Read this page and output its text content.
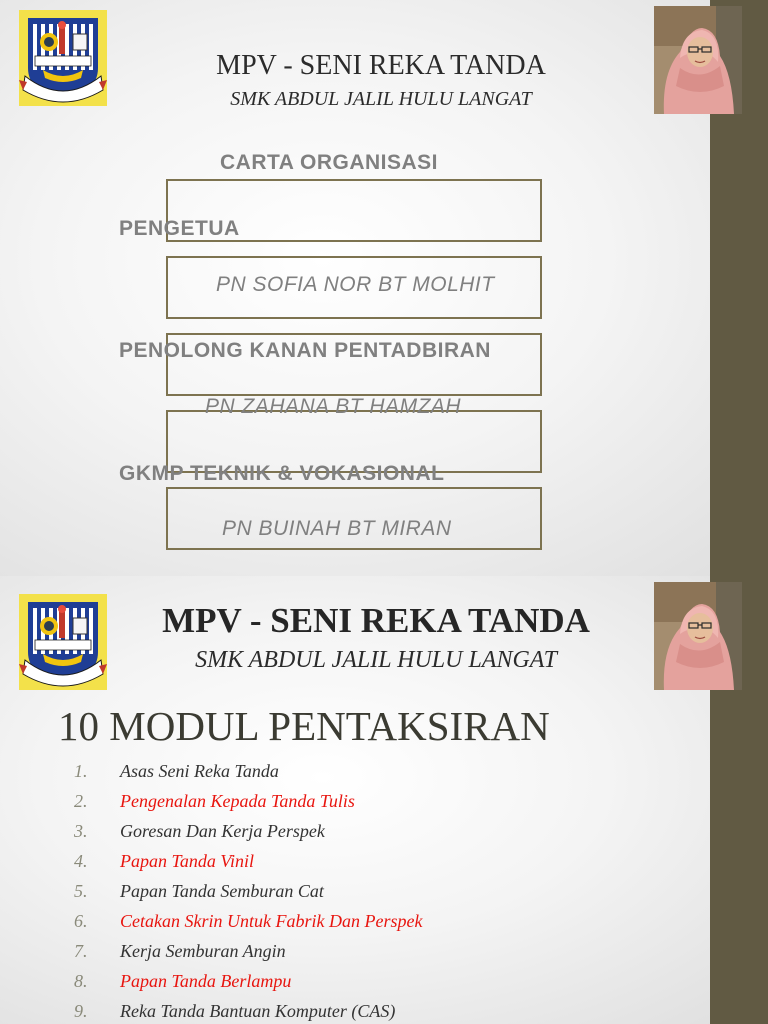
MPV - SENI REKA TANDA
SMK ABDUL JALIL HULU LANGAT
CARTA ORGANISASI
PENGETUA
PN SOFIA NOR BT MOLHIT
PENOLONG KANAN PENTADBIRAN
PN ZAHANA BT HAMZAH
GKMP TEKNIK & VOKASIONAL
PN BUINAH BT MIRAN
MPV - SENI REKA TANDA
SMK ABDUL JALIL HULU LANGAT
10 MODUL PENTAKSIRAN
1. Asas Seni Reka Tanda
2. Pengenalan Kepada Tanda Tulis
3. Goresan Dan Kerja Perspek
4. Papan Tanda Vinil
5. Papan Tanda Semburan Cat
6. Cetakan Skrin Untuk Fabrik Dan Perspek
7. Kerja Semburan Angin
8. Papan Tanda Berlampu
9. Reka Tanda Bantuan Komputer (CAS)
